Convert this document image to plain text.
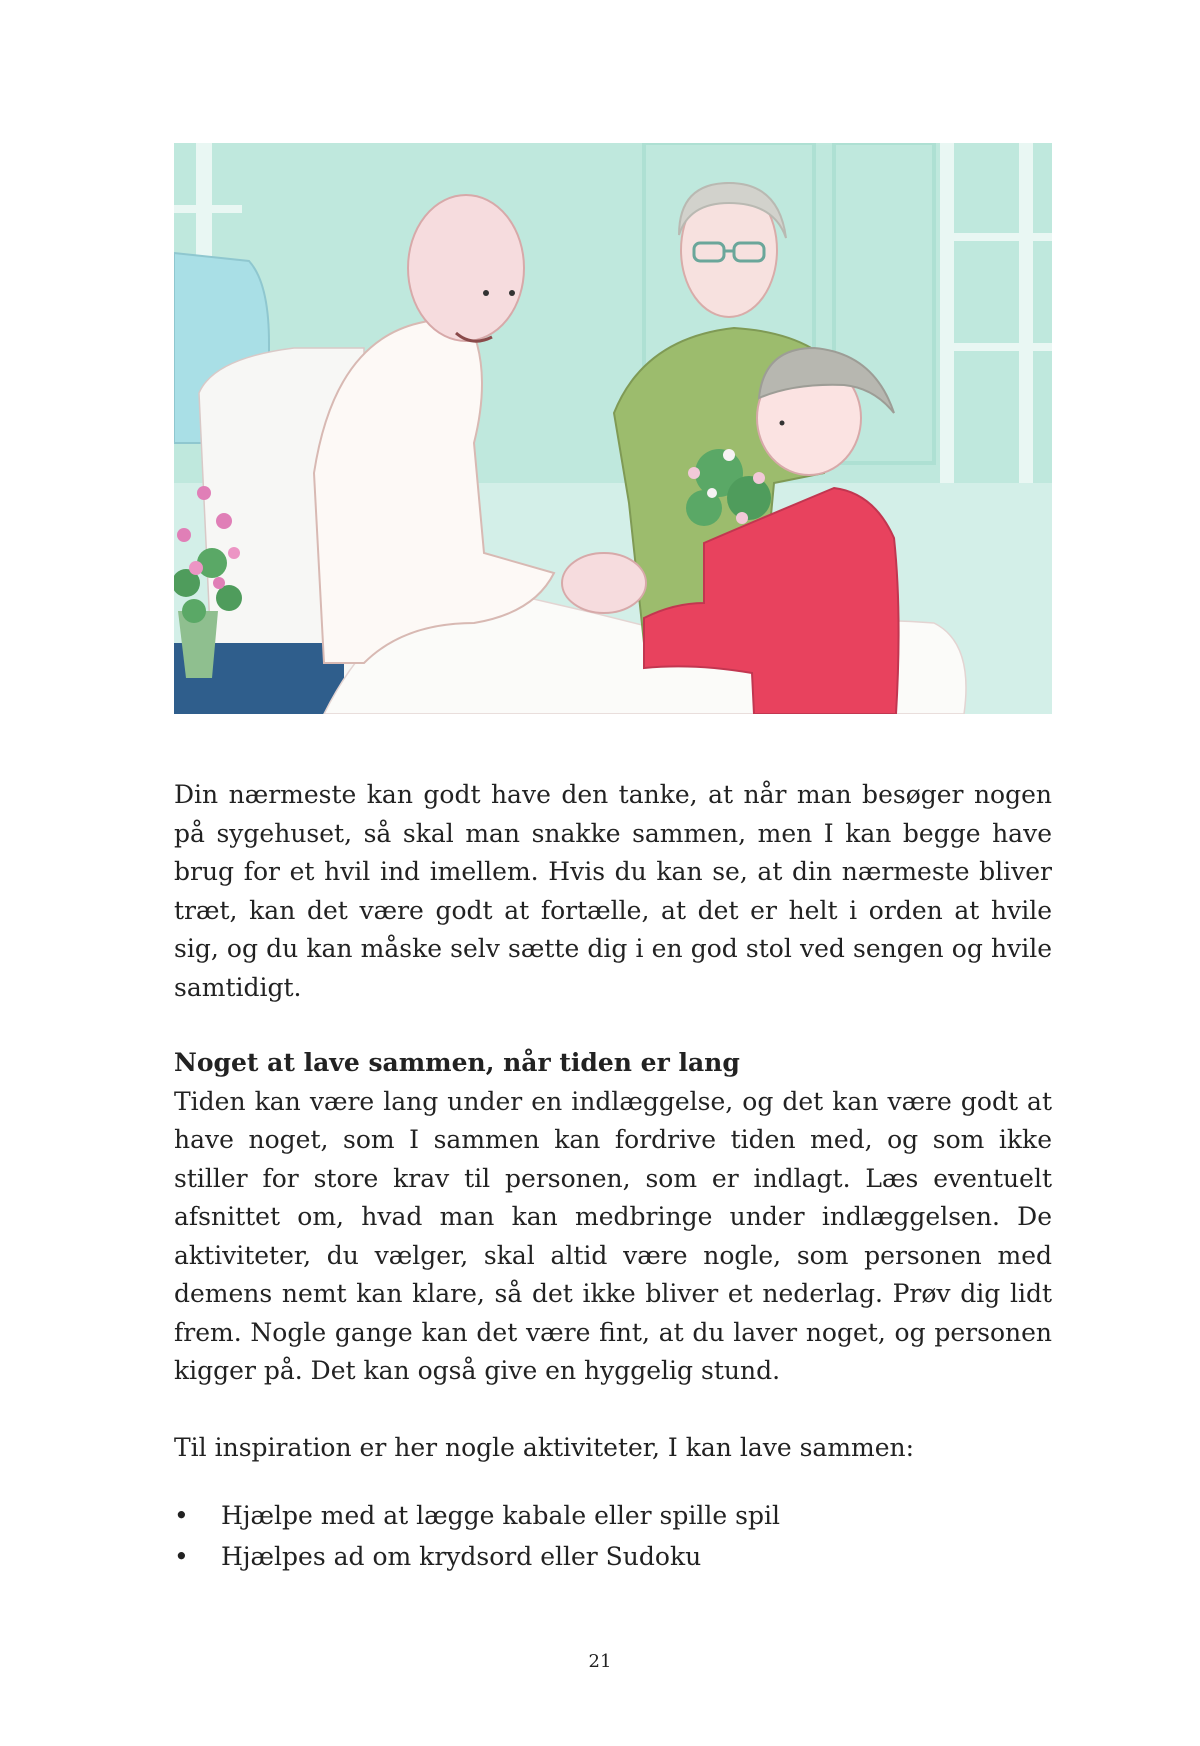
Din nærmeste kan godt have den tanke, at når man besøger nogen på sygehuset, så skal man snakke sammen, men I kan begge have brug for et hvil ind imellem. Hvis du kan se, at din nærmeste bliver træt, kan det være godt at fortælle, at det er helt i orden at hvile sig, og du kan måske selv sætte dig i en god stol ved sengen og hvile samtidigt.

Noget at lave sammen, når tiden er lang

Tiden kan være lang under en indlæggelse, og det kan være godt at have noget, som I sammen kan fordrive tiden med, og som ikke stiller for store krav til personen, som er indlagt. Læs eventuelt afsnittet om, hvad man kan medbringe under indlæggelsen. De aktiviteter, du vælger, skal altid være nogle, som personen med demens nemt kan klare, så det ikke bliver et nederlag. Prøv dig lidt frem. Nogle gange kan det være fint, at du laver noget, og personen kigger på. Det kan også give en hyggelig stund.

Til inspiration er her nogle aktiviteter, I kan lave sammen:

• Hjælpe med at lægge kabale eller spille spil
• Hjælpes ad om krydsord eller Sudoku
21
